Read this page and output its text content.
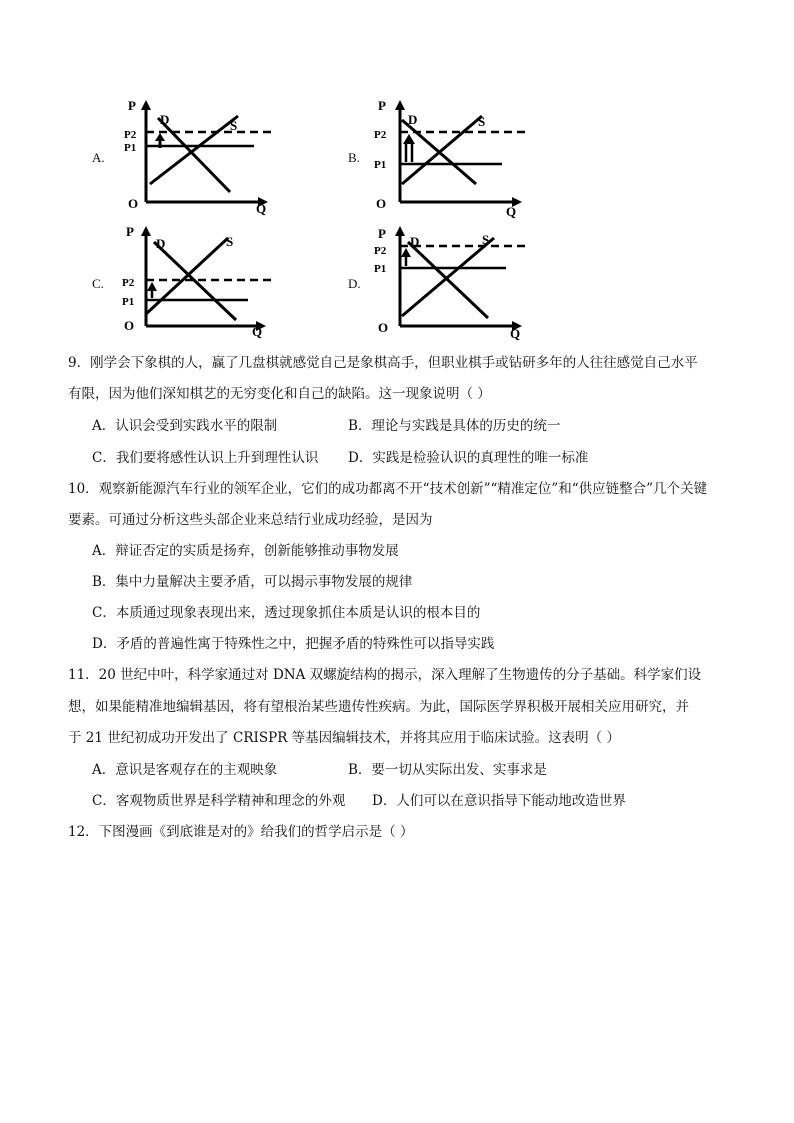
A.
P
P2
P1
D	S
O	Q
B.
P
P2
P1
D	S
O
Q
C.
P
P2
P1
D	S
O	Q
D.
P
P2
P1
D	S
O	Q
9．刚学会下象棋的人，赢了几盘棋就感觉自己是象棋高手，但职业棋手或钻研多年的人往往感觉自己水平
有限，因为他们深知棋艺的无穷变化和自己的缺陷。这一现象说明（ ）
A．认识会受到实践水平的限制	B．理论与实践是具体的历史的统一
C．我们要将感性认识上升到理性认识 D．实践是检验认识的真理性的唯一标准
10．观察新能源汽车行业的领军企业，它们的成功都离不开“技术创新”“精准定位”和“供应链整合”几个关键
要素。可通过分析这些头部企业来总结行业成功经验，是因为
A．辩证否定的实质是扬弃，创新能够推动事物发展
B．集中力量解决主要矛盾，可以揭示事物发展的规律
C．本质通过现象表现出来，透过现象抓住本质是认识的根本目的
D．矛盾的普遍性寓于特殊性之中，把握矛盾的特殊性可以指导实践
11．20 世纪中叶，科学家通过对 DNA 双螺旋结构的揭示，深入理解了生物遗传的分子基础。科学家们设
想，如果能精准地编辑基因，将有望根治某些遗传性疾病。为此，国际医学界积极开展相关应用研究，并
于 21 世纪初成功开发出了 CRISPR 等基因编辑技术，并将其应用于临床试验。这表明（ ）
A．意识是客观存在的主观映象	B．要一切从实际出发、实事求是
C．客观物质世界是科学精神和理念的外观 D．人们可以在意识指导下能动地改造世界
12．下图漫画《到底谁是对的》给我们的哲学启示是（ ）
